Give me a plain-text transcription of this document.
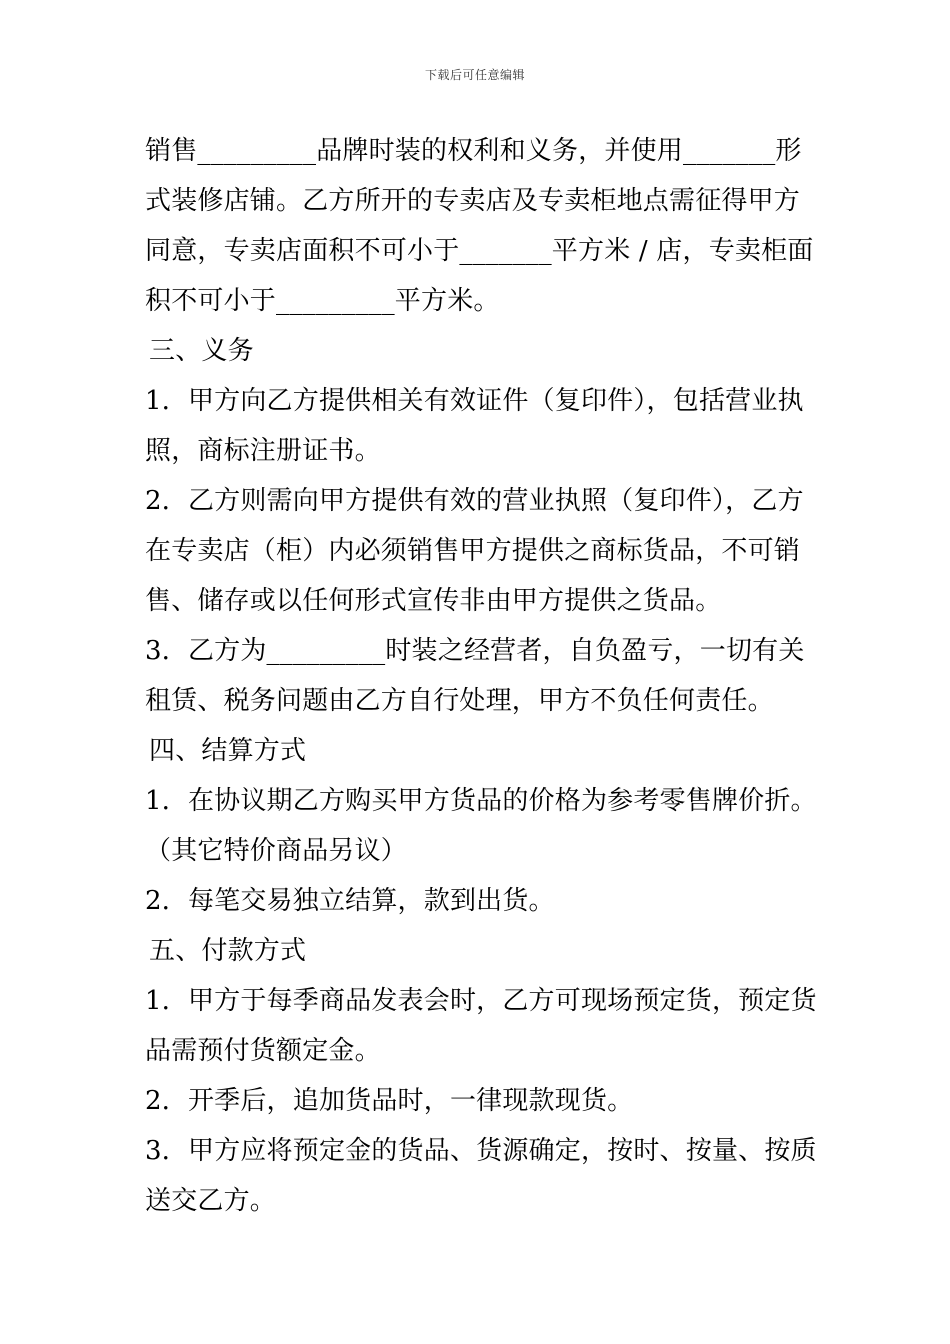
下载后可任意编辑
销售_________品牌时装的权利和义务，并使用_______形
式装修店铺。乙方所开的专卖店及专卖柜地点需征得甲方
同意，专卖店面积不可小于_______平方米 / 店，专卖柜面
积不可小于_________平方米。
三、义务
1．甲方向乙方提供相关有效证件（复印件），包括营业执
照，商标注册证书。
2．乙方则需向甲方提供有效的营业执照（复印件），乙方
在专卖店（柜）内必须销售甲方提供之商标货品，不可销
售、储存或以任何形式宣传非由甲方提供之货品。
3．乙方为_________时装之经营者，自负盈亏，一切有关
租赁、税务问题由乙方自行处理，甲方不负任何责任。
四、结算方式
1．在协议期乙方购买甲方货品的价格为参考零售牌价折。
（其它特价商品另议）
2．每笔交易独立结算，款到出货。
五、付款方式
1．甲方于每季商品发表会时，乙方可现场预定货，预定货
品需预付货额定金。
2．开季后，追加货品时，一律现款现货。
3．甲方应将预定金的货品、货源确定，按时、按量、按质
送交乙方。
